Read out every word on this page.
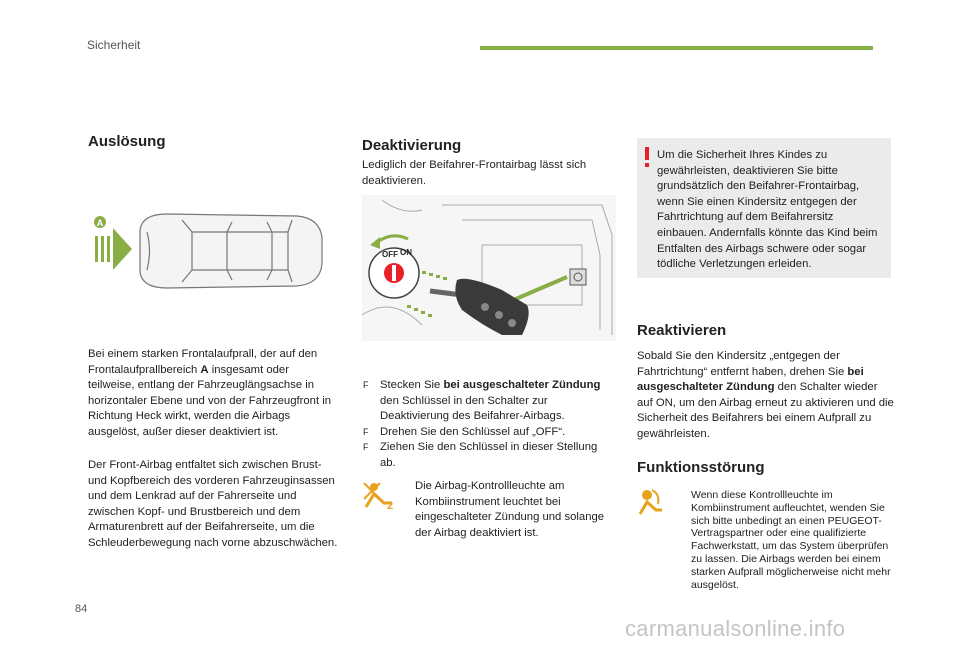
Sicherheit
Auslösung
A
Bei einem starken Frontalaufprall, der auf den Frontalaufprallbereich A insgesamt oder teilweise, entlang der Fahrzeuglängsachse in horizontaler Ebene und von der Fahrzeugfront in Richtung Heck wirkt, werden die Airbags ausgelöst, außer dieser deaktiviert ist.
Der Front-Airbag entfaltet sich zwischen Brust- und Kopfbereich des vorderen Fahrzeuginsassen und dem Lenkrad auf der Fahrerseite und zwischen Kopf- und Brustbereich und dem Armaturenbrett auf der Beifahrerseite, um die Schleuderbewegung nach vorne abzuschwächen.
Deaktivierung
Lediglich der Beifahrer-Frontairbag lässt sich deaktivieren.
OFF ON
F Stecken Sie bei ausgeschalteter Zündung den Schlüssel in den Schalter zur Deaktivierung des Beifahrer-Airbags.
F Drehen Sie den Schlüssel auf „OFF“.
F Ziehen Sie den Schlüssel in dieser Stellung ab.
2
Die Airbag-Kontrollleuchte am Kombiinstrument leuchtet bei eingeschalteter Zündung und solange der Airbag deaktiviert ist.
Um die Sicherheit Ihres Kindes zu gewährleisten, deaktivieren Sie bitte grundsätzlich den Beifahrer-Frontairbag, wenn Sie einen Kindersitz entgegen der Fahrtrichtung auf dem Beifahrersitz einbauen. Andernfalls könnte das Kind beim Entfalten des Airbags schwere oder sogar tödliche Verletzungen erleiden.
Reaktivieren
Sobald Sie den Kindersitz „entgegen der Fahrtrichtung“ entfernt haben, drehen Sie bei ausgeschalteter Zündung den Schalter wieder auf ON, um den Airbag erneut zu aktivieren und die Sicherheit des Beifahrers bei einem Aufprall zu gewährleisten.
Funktionsstörung
Wenn diese Kontrollleuchte im Kombiinstrument aufleuchtet, wenden Sie sich bitte unbedingt an einen PEUGEOT-Vertragspartner oder eine qualifizierte Fachwerkstatt, um das System überprüfen zu lassen. Die Airbags werden bei einem starken Aufprall möglicherweise nicht mehr ausgelöst.
84
carmanualsonline.info
